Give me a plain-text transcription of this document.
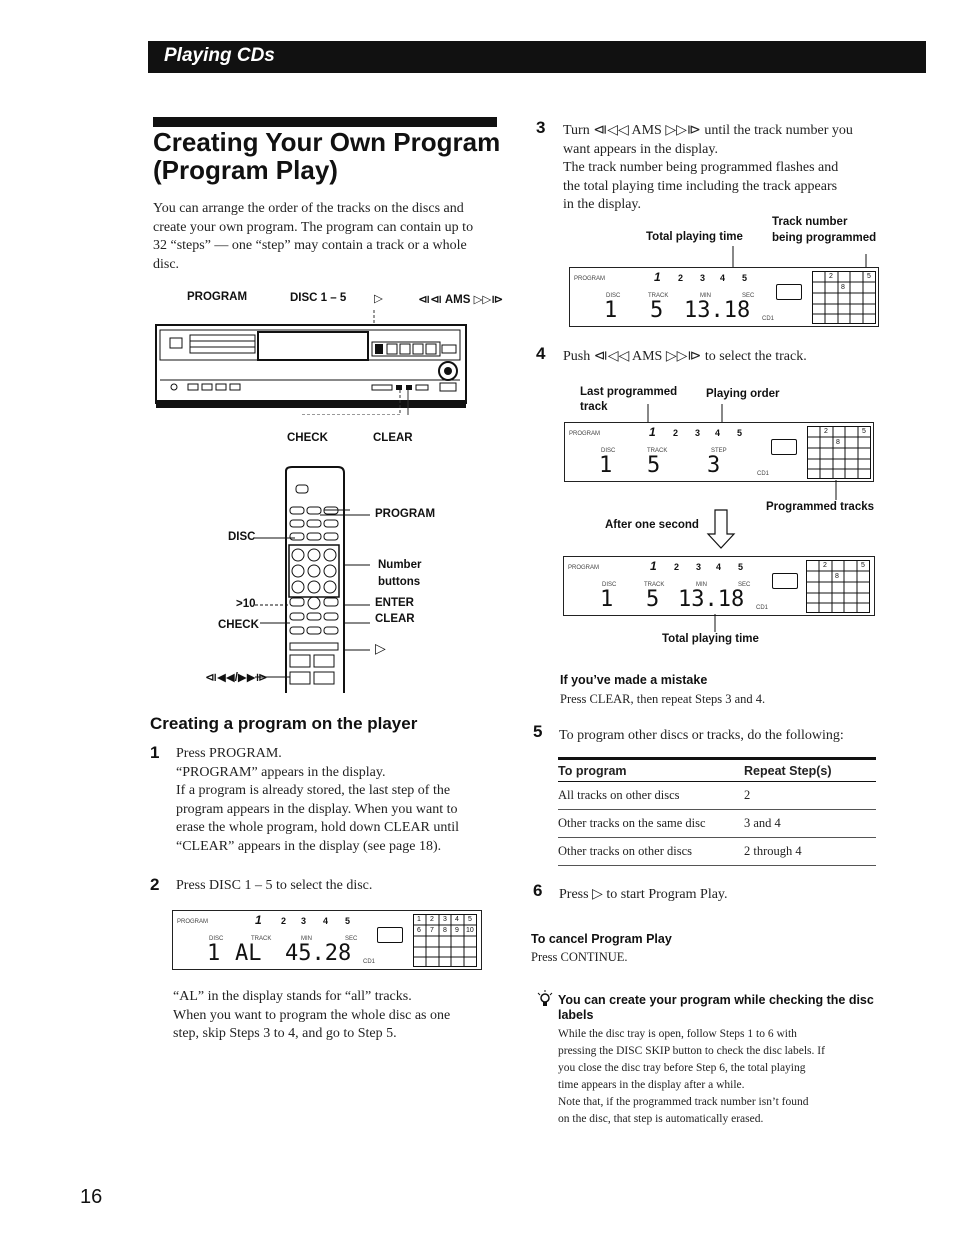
Playing CDs
Creating Your Own Program
(Program Play)
You can arrange the order of the tracks on the discs and create your own program. The program can contain up to 32 “steps” — one “step” may contain a track or a whole disc.
PROGRAM	DISC 1 – 5 ▷	⧏⧏ AMS ▷▷⧐
CHECK	CLEAR
PROGRAM
DISC
Number
buttons
>10	ENTER
CHECK	CLEAR
▷
⧏◀◀/▶▶⧐
Creating a program on the player
1 Press PROGRAM.
“PROGRAM” appears in the display.
If a program is already stored, the last step of the
program appears in the display. When you want to
erase the whole program, hold down CLEAR until
“CLEAR” appears in the display (see page 18).
2 Press DISC 1 – 5 to select the disc.
PROGRAM	1 2 3 4 5
DISC	TRACK	MIN	SEC
1 AL 45.28 CD1
1 2 3 4 5
6 7 8 9 10
“AL” in the display stands for “all” tracks.
When you want to program the whole disc as one
step, skip Steps 3 to 4, and go to Step 5.
3 Turn ⧏◁◁ AMS ▷▷⧐ until the track number you
want appears in the display.
The track number being programmed flashes and
the total playing time including the track appears
in the display.
Track number
Total playing time	being programmed
PROGRAM	1 2 3 4 5
DISC	TRACK	MIN	SEC
1 5 13.18 CD1
2	5
8
4 Push ⧏◁◁ AMS ▷▷⧐ to select the track.
Last programmed
track
Playing order
PROGRAM	1 2 3 4 5
DISC	TRACK	STEP
1 5 3	CD1
2	5
8
Programmed tracks
After one second
PROGRAM	1 2 3 4 5
DISC	TRACK	MIN	SEC
1 5 13.18 CD1
2	5
8
Total playing time
If you’ve made a mistake
Press CLEAR, then repeat Steps 3 and 4.
5 To program other discs or tracks, do the following:
To program	Repeat Step(s)
All tracks on other discs	2
Other tracks on the same disc	3 and 4
Other tracks on other discs	2 through 4
6 Press ▷ to start Program Play.
To cancel Program Play
Press CONTINUE.
You can create your program while checking the disc labels
While the disc tray is open, follow Steps 1 to 6 with
pressing the DISC SKIP button to check the disc labels. If
you close the disc tray before Step 6, the total playing
time appears in the display after a while.
Note that, if the programmed track number isn’t found
on the disc, that step is automatically erased.
16
